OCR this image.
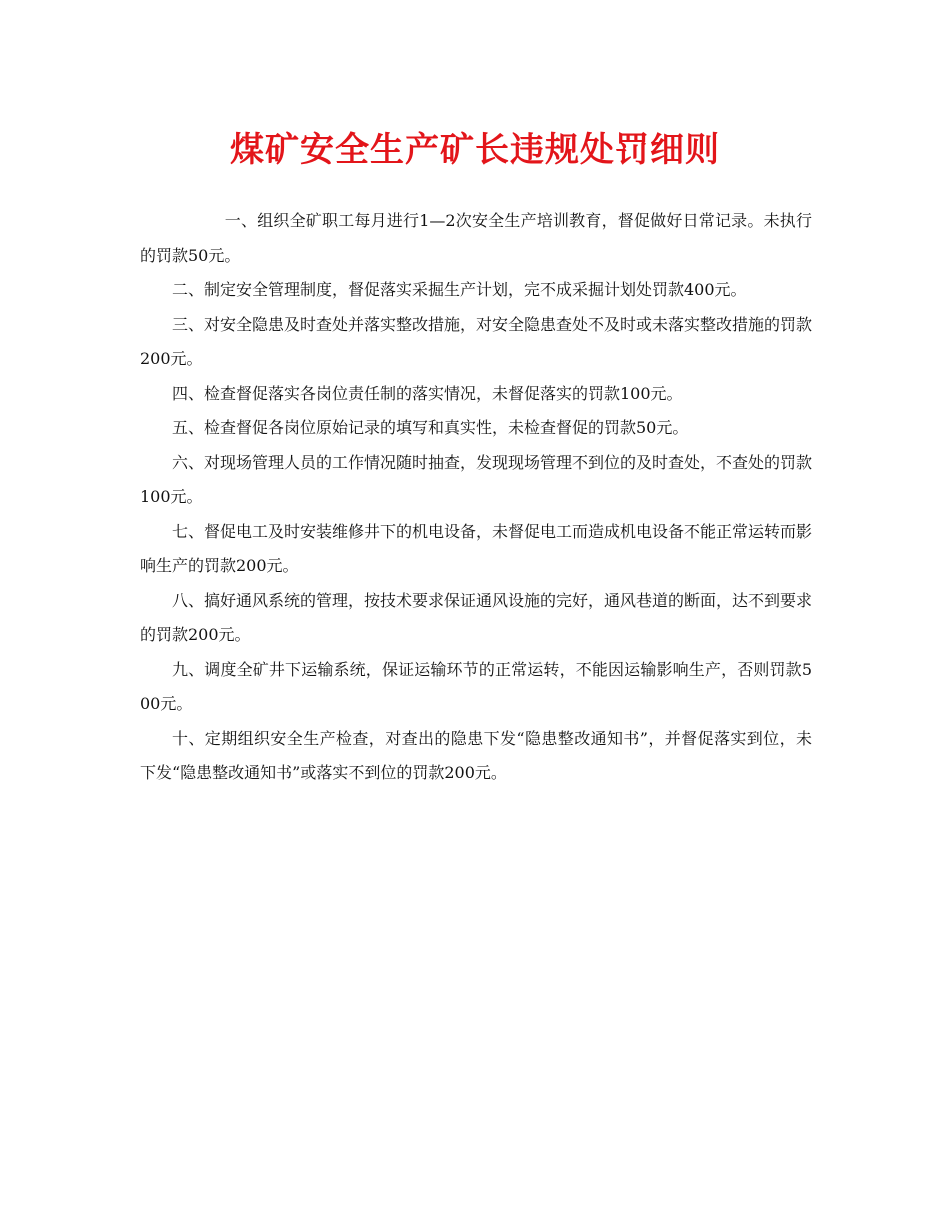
煤矿安全生产矿长违规处罚细则

一、组织全矿职工每月进行1—2次安全生产培训教育，督促做好日常记录。未执行的罚款50元。

二、制定安全管理制度，督促落实采掘生产计划，完不成采掘计划处罚款400元。

三、对安全隐患及时查处并落实整改措施，对安全隐患查处不及时或未落实整改措施的罚款200元。

四、检查督促落实各岗位责任制的落实情况，未督促落实的罚款100元。

五、检查督促各岗位原始记录的填写和真实性，未检查督促的罚款50元。

六、对现场管理人员的工作情况随时抽查，发现现场管理不到位的及时查处，不查处的罚款100元。

七、督促电工及时安装维修井下的机电设备，未督促电工而造成机电设备不能正常运转而影响生产的罚款200元。

八、搞好通风系统的管理，按技术要求保证通风设施的完好，通风巷道的断面，达不到要求的罚款200元。

九、调度全矿井下运输系统，保证运输环节的正常运转，不能因运输影响生产，否则罚款500元。

十、定期组织安全生产检查，对查出的隐患下发“隐患整改通知书”，并督促落实到位，未下发“隐患整改通知书”或落实不到位的罚款200元。
